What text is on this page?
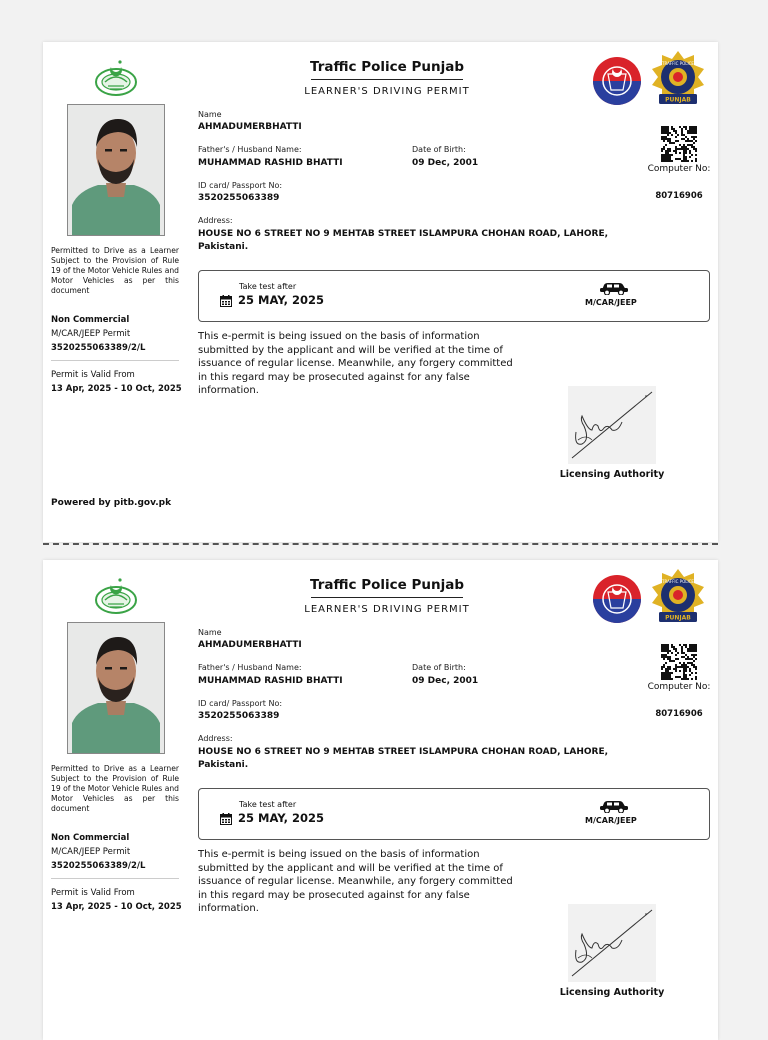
Permitted to Drive as a Learner Subject to the Provision of Rule 19 of the Motor Vehicle Rules and Motor Vehicles as per this document
Non Commercial
M/CAR/JEEP Permit
3520255063389/2/L
Permit is Valid From
13 Apr, 2025 - 10 Oct, 2025
Powered by pitb.gov.pk
Traffic Police Punjab
LEARNER'S DRIVING PERMIT
Name
AHMADUMERBHATTI
Father's / Husband Name:
MUHAMMAD RASHID BHATTI
Date of Birth:
09 Dec, 2001
ID card/ Passport No:
3520255063389
Address:
HOUSE NO 6 STREET NO 9 MEHTAB STREET ISLAMPURA CHOHAN ROAD, LAHORE, Pakistani.
TRAFFIC POLICE
PUNJAB
Computer No:
80716906
Take test after
25 MAY, 2025	M/CAR/JEEP
This e-permit is being issued on the basis of information submitted by the applicant and will be verified at the time of issuance of regular license. Meanwhile, any forgery committed in this regard may be prosecuted against for any false information.
Licensing Authority
Permitted to Drive as a Learner Subject to the Provision of Rule 19 of the Motor Vehicle Rules and Motor Vehicles as per this document
Non Commercial
M/CAR/JEEP Permit
3520255063389/2/L
Permit is Valid From
13 Apr, 2025 - 10 Oct, 2025
Traffic Police Punjab
LEARNER'S DRIVING PERMIT
Name
AHMADUMERBHATTI
Father's / Husband Name:
MUHAMMAD RASHID BHATTI
Date of Birth:
09 Dec, 2001
ID card/ Passport No:
3520255063389
Address:
HOUSE NO 6 STREET NO 9 MEHTAB STREET ISLAMPURA CHOHAN ROAD, LAHORE, Pakistani.
TRAFFIC POLICE
PUNJAB
Computer No:
80716906
Take test after
25 MAY, 2025	M/CAR/JEEP
This e-permit is being issued on the basis of information submitted by the applicant and will be verified at the time of issuance of regular license. Meanwhile, any forgery committed in this regard may be prosecuted against for any false information.
Licensing Authority
